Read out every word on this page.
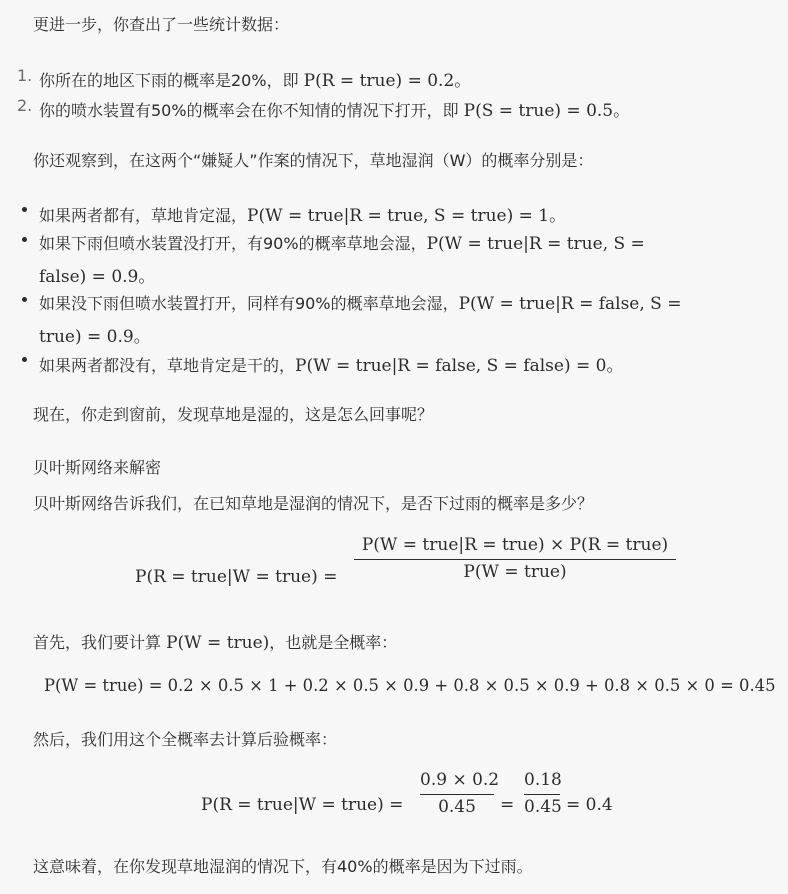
更进一步，你查出了一些统计数据：
1. 你所在的地区下雨的概率是20%，即 P(R = true) = 0.2。
2. 你的喷水装置有50%的概率会在你不知情的情况下打开，即 P(S = true) = 0.5。
你还观察到，在这两个“嫌疑人”作案的情况下，草地湿润（W）的概率分别是：
如果两者都有，草地肯定湿，P(W = true|R = true, S = true) = 1。
如果下雨但喷水装置没打开，有90%的概率草地会湿，P(W = true|R = true, S =
false) = 0.9。
如果没下雨但喷水装置打开，同样有90%的概率草地会湿，P(W = true|R = false, S =
true) = 0.9。
如果两者都没有，草地肯定是干的，P(W = true|R = false, S = false) = 0。
现在，你走到窗前，发现草地是湿的，这是怎么回事呢？
贝叶斯网络来解密
贝叶斯网络告诉我们，在已知草地是湿润的情况下，是否下过雨的概率是多少？
P(R = true|W = true) =
P(W = true|R = true) × P(R = true)
P(W = true)
首先，我们要计算 P(W = true)，也就是全概率：
P(W = true) = 0.2 × 0.5 × 1 + 0.2 × 0.5 × 0.9 + 0.8 × 0.5 × 0.9 + 0.8 × 0.5 × 0 = 0.45
然后，我们用这个全概率去计算后验概率：
P(R = true|W = true) =
0.9 × 0.2
0.45	=
0.18
0.45 = 0.4
这意味着，在你发现草地湿润的情况下，有40%的概率是因为下过雨。
